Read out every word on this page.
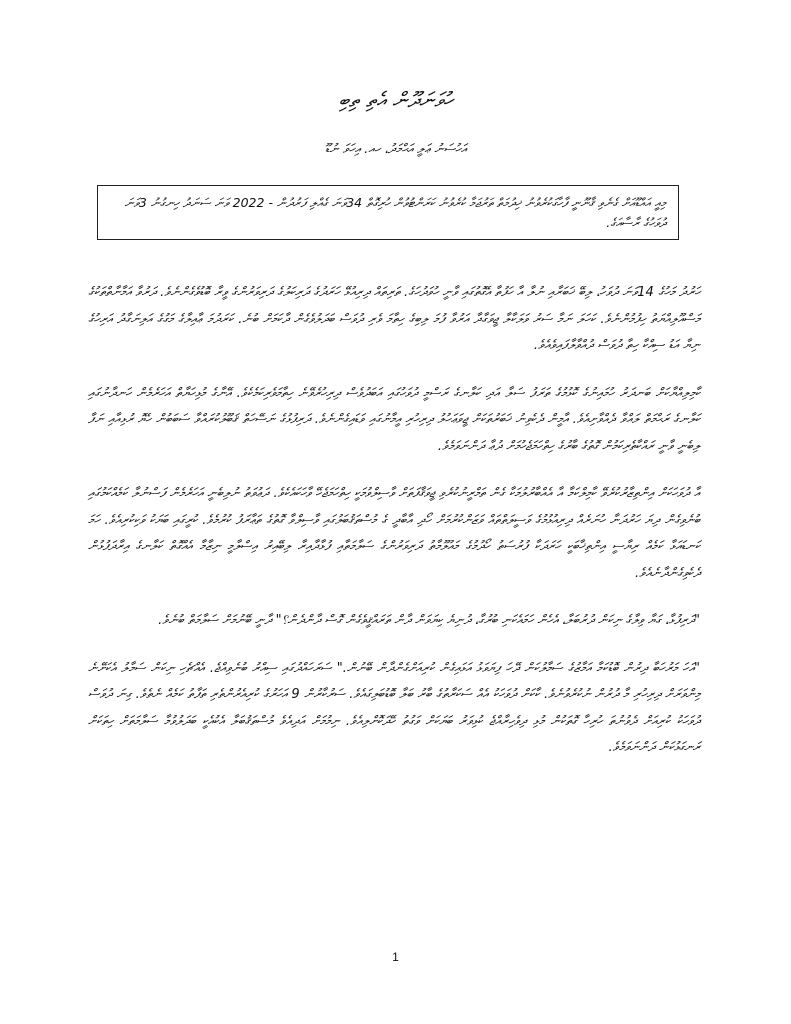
ހުވަނަދޫން އެތި ތިބި
އަހުސަނު ޢަލީ އަޙްމަދު، ހއ. އިހަވަ ނުޑޫ
މިއީ އައްޑޫއަށް ގެނެވި ޤާނޫނީ ފާހާގަކުރެވުނު ޚިދުމަތް ތަރުޖަމާ ކުރެވުނު ކަރަންޓުވުން ހުރިގޮތް 34ވަނަ ގެއްލި ފަރުދުން - 2022 ވަނަ ސަނަދު ހިނގުނު 3ވަނަ ދުވަހުގެ ރާސާއަގެ.

ހަރުދު މަހުގެ 14ވަނަ ދުވަހު، ލިބޭ ޚަބަރާއި ނުލާ އާ ހަފުތާ އެގޮތުގައި ވާނީ ހުވަދުހަގެ. ތަރިތައް ދިރިއުޅޭ ހަރަދުގެ ދަރިކަލުގެ ދަރިވަރުންގެ ވީރާ ބޮޑުވެގެންނެވެ. ދަރުވާ އަމާނާތްތަކުގެ މަސްއޫލިއްޔަތު ހިފުމުންނެވެ. ކަހަލަ ނަމާ ސަރު ވަލަކާލާ ޖީވަގާދާ އަރުވާ ފުމަ ލިބިގެ ހިތާމަ ވެރި ދުވަސް ބަދަލުވެގެން ދާކަމަށް ބުނެ. ކަރަދުމަ ޢާއިލާގެ މަގުގެ އަލިނަގާދު އަރިހުގެ ނިޔާ އަޑު ސިއްކާ ހިތާ ދުވަސް ދުއްވާލާފައިވެއެވެ.

ކާމިލިއްޔާކަށް ބަނދަރު ހުމައިނުގެ ކޮޅުމުގެ ތަރަފު ސަލާ އަދި ކަލާނގެ ރަސްމީ ދުވަހުގައި އަބަދުވެސް ދިރިހުރެވޭނެ ހިތާމަވެރިކަމެކެވެ. އޭނާގެ މުޅިހަޔާތް އަހަރެމެން ހަނދާނުގައި ކަލާނގެ ރަޙްމަތް ލައްވާ ދެއްވާށިއެވެ. އާމީން ދެކެވިނު ޚަބަރުތަކަށް ޖީވަޢަހުލު ދިރިހުރި އީމާނުގައި ވަޑައިގެންނެވެ. ދަރިފުޅުގެ ނަސޭހަތް ޤަބޫލުކުރައްވާ ސަބަބުން ހެޔޮ ރުޅިއާއި ނަފާ ލިބެނީ ވާނީ ރައްކާތެރިކަމުން ގޮތުގެ ބާރުގެ ހިތްހަމަޖެހުމަށް ދުޢާ ދަންނަވަމެވެ.

އާ ދުވަހަކަށް އިންތިޒާރުކުރެވޭ ކާމިލްކަމާ އާ އެއްބާރުލުމަކާ ގެން ތަމްރީނުކުރެވި ޖީވަޤާފަތަށް ވާސިލްވުމަކީ ހިތްހަމަޖެހޭ ވާހަކައެކެވެ. ދަޢުވަތު ނުލިބެނީ އަހަރެމެން ފަސްނުލާ ކަމެއްކަމުގައި ބުނެވިގެން ދިޔަ ހަރުދަނާ ހުނަރެއް ދިރިއުޅުމުގެ ވަސީލަތްތައް ވަޒަންކުރުމަށް ހޯދި އާބާދީ ގެ މުސްތަޤުބަލުގައި ވާސިލްވާ ގޮތުގެ ތަޢާރަފު ކުރުމެވެ. ކުރީގައި ބަޔަކު ވަކިކުރިއެވެ. ހަމަ ކަނޑައަޅާ ކަމެއް ރިޔާސީ އިންތިޚާބަކީ ހަރަދަކާ ފުރުސަތު ހޯދުމުގެ މައުލޫމާތު ދަރިވަރުންގެ ސަލާމަތާއި ފުޅާދާއިރާ ލިބޭއިރު އިސްލާމީ ނިޒާމާ އެއްގޮތް ކަލާނގެ އިރާދަފުޅުން ދެކެވިގެންދާނެއެވެ.

"ދަރިފުޅާ، ގަޔާ ވިލާގެ ނިކަން ދުރުބަލާ، އެހެން ހަމައެކަނި ބުރުގާ، ދުނިޔެ ކިޔަވަން ދާން ތަރައްޤީވެގެން ގޮސް ދާންދެން؟" ދާނީ ބޭނުމަށް ސަލާމަތް ބުނެވެ.

"އަހަ މަރުހަބާ ދިރުން ބޮޑުކަމާ އަމާޒުގެ ސަމާލުކަން ދޭހަ ފިޔަވަޅު އަޅައިގެން ކުރިއަށްގެންދާން ބޭނުން." ސަރަހައްދުގައި ސިއްރު ބުނެވިއްޖެ. އެއްޗެހި ނިކަން ސަމާލު އެކަށޭނެ މިންވަރަށް ދިރިހުރި މާ ދުރުން ނުކުރެވުނެވެ. ކާކަށް ދުވަހަކު އެއް ސަކަރާތުގެ ބާރު ބަލާ ބޮޑުބަލިގައެވެ. ސަރުކާރުން 9 އަހަރުގެ ކުރިއެރުންތެރި ތަފާތު ކަމެއް ނެތެވެ. ގިނަ ދުވަސް ދުވަހަކު ކުރިއަށް ދެވުނުތަ ހުރިހާ ގޮތަކުން މުޅި ދިވެހިރާއްޖެ ކުޅިވަރު ބަޔަކަށް ވަގުތު ހޭދަކޮށްލިއެވެ. ނިމުމަށް އަދިއެވެ މުސްތަޤުބަލާ އެކުއެކީ ބަދަލުވުމާ ސަލާމަތަށް ހިތަކަށް ރަނގަޅުކަން ދަންނަވަމެވެ.

1
